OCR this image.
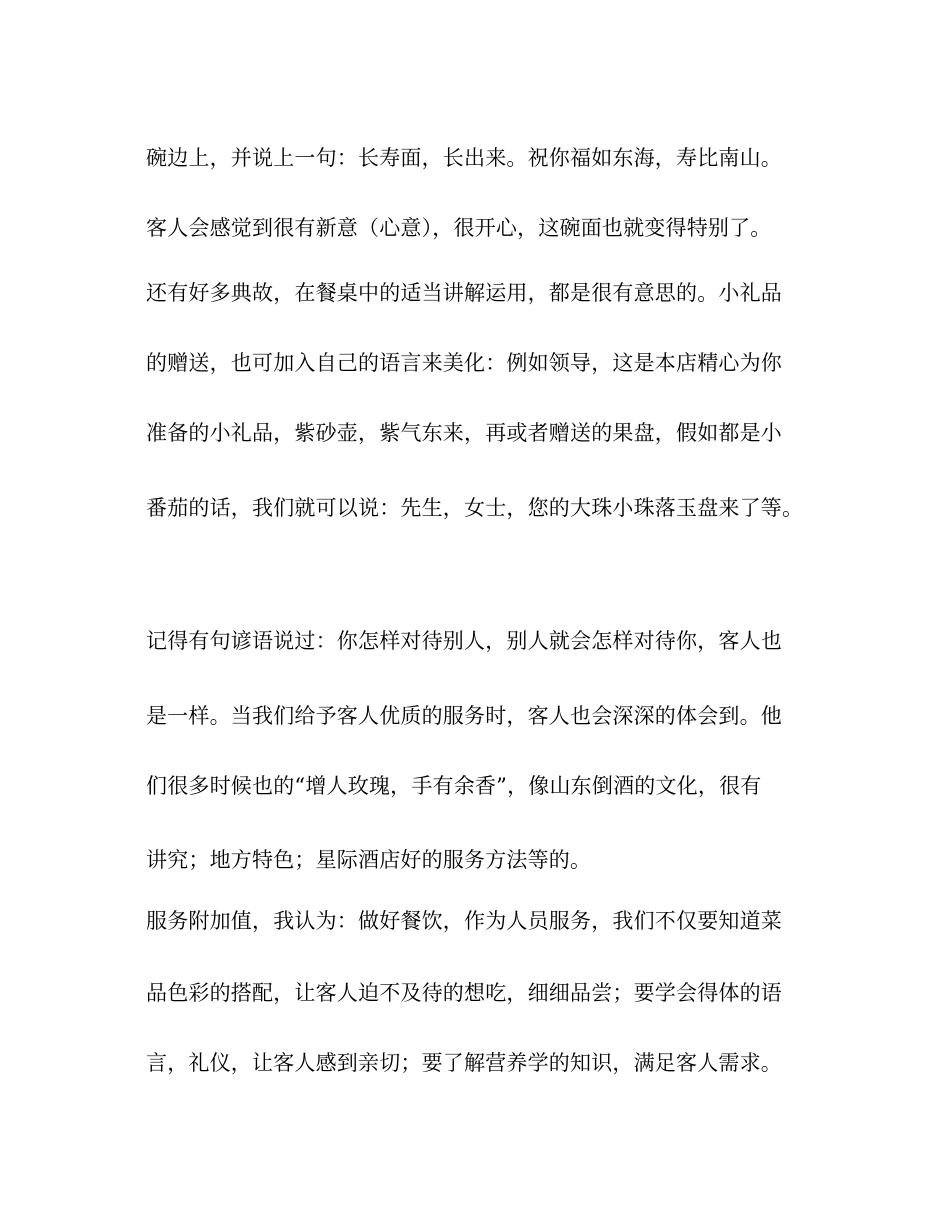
碗边上，并说上一句：长寿面，长出来。祝你福如东海，寿比南山。
客人会感觉到很有新意（心意），很开心，这碗面也就变得特别了。
还有好多典故，在餐桌中的适当讲解运用，都是很有意思的。小礼品
的赠送，也可加入自己的语言来美化：例如领导，这是本店精心为你
准备的小礼品，紫砂壶，紫气东来，再或者赠送的果盘，假如都是小
番茄的话，我们就可以说：先生，女士，您的大珠小珠落玉盘来了等。
记得有句谚语说过：你怎样对待别人，别人就会怎样对待你，客人也
是一样。当我们给予客人优质的服务时，客人也会深深的体会到。他
们很多时候也的“增人玫瑰，手有余香”，像山东倒酒的文化，很有
讲究；地方特色；星际酒店好的服务方法等的。
服务附加值，我认为：做好餐饮，作为人员服务，我们不仅要知道菜
品色彩的搭配，让客人迫不及待的想吃，细细品尝；要学会得体的语
言，礼仪，让客人感到亲切；要了解营养学的知识，满足客人需求。
